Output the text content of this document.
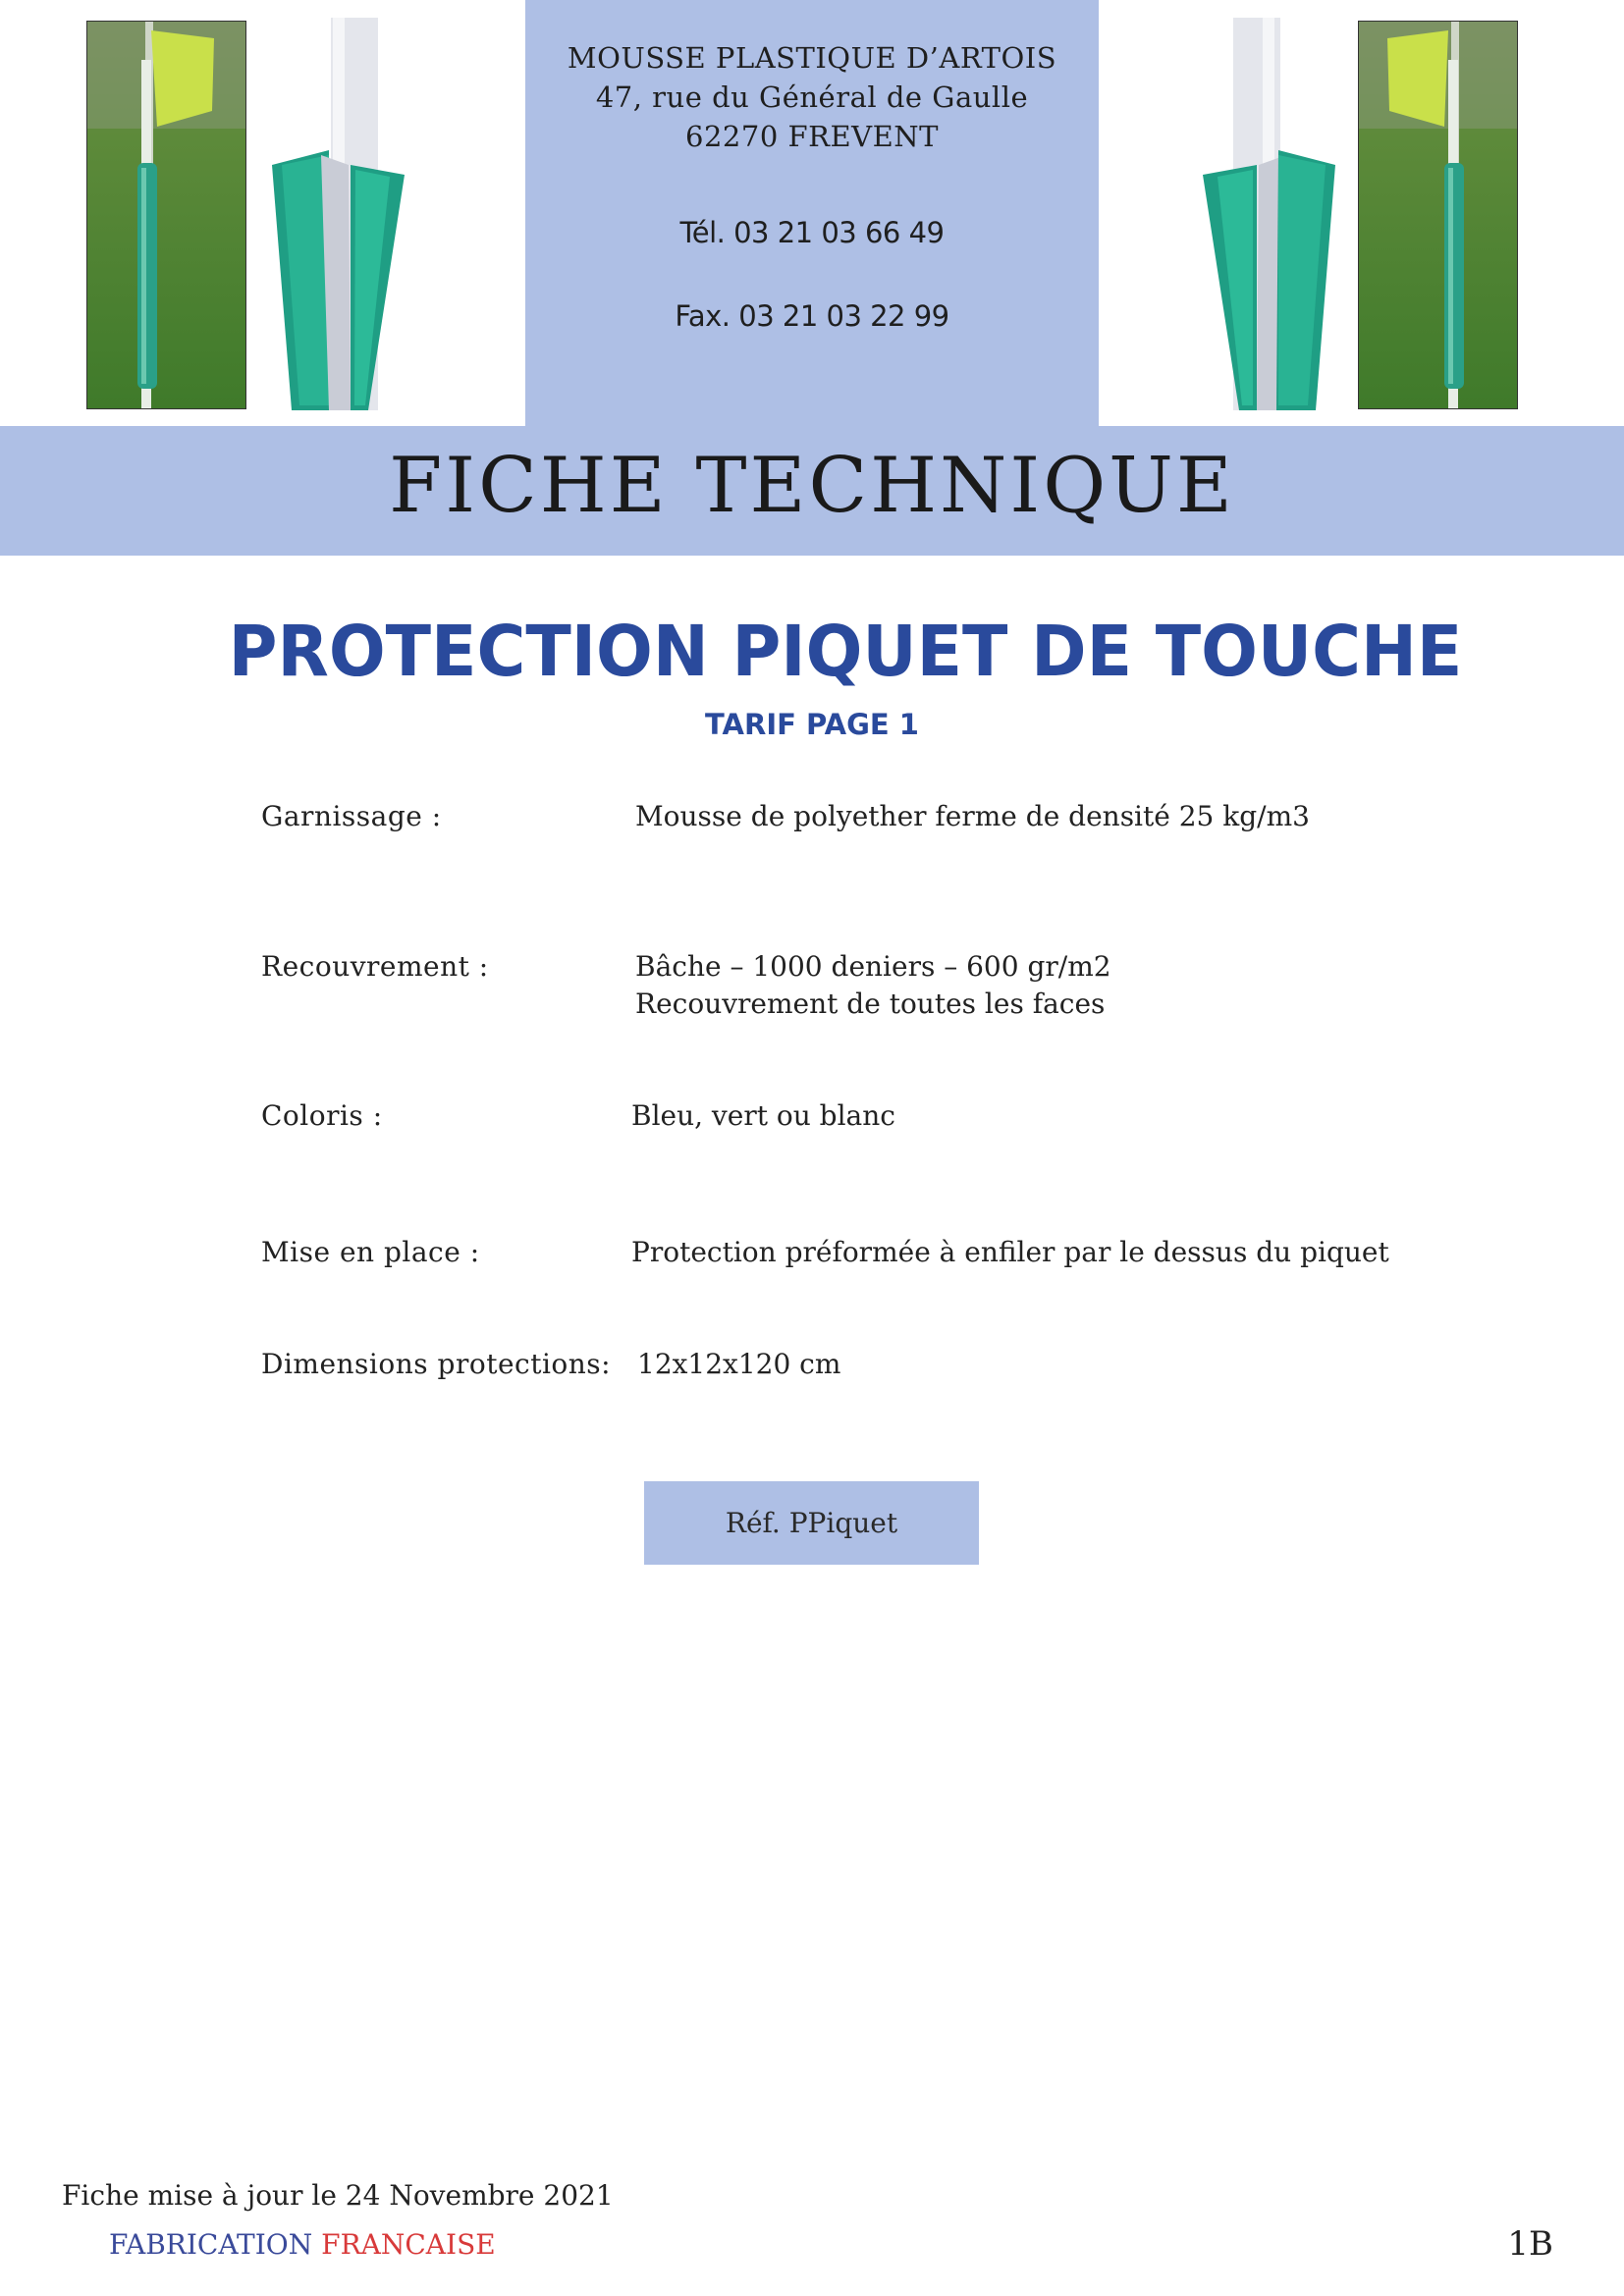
MOUSSE PLASTIQUE D’ARTOIS
47, rue du Général de Gaulle
62270 FREVENT
Tél. 03 21 03 66 49
Fax. 03 21 03 22 99
FICHE TECHNIQUE
PROTECTION PIQUET DE TOUCHE
TARIF PAGE 1
Garnissage :	Mousse de polyether ferme de densité 25 kg/m3
Recouvrement :	Bâche – 1000 deniers – 600 gr/m2
Recouvrement de toutes les faces
Coloris :	Bleu, vert ou blanc
Mise en place :	Protection préformée à enfiler par le dessus du piquet
Dimensions protections: 12x12x120 cm
Réf. PPiquet
Fiche mise à jour le 24 Novembre 2021
FABRICATION FRANCAISE	1B
